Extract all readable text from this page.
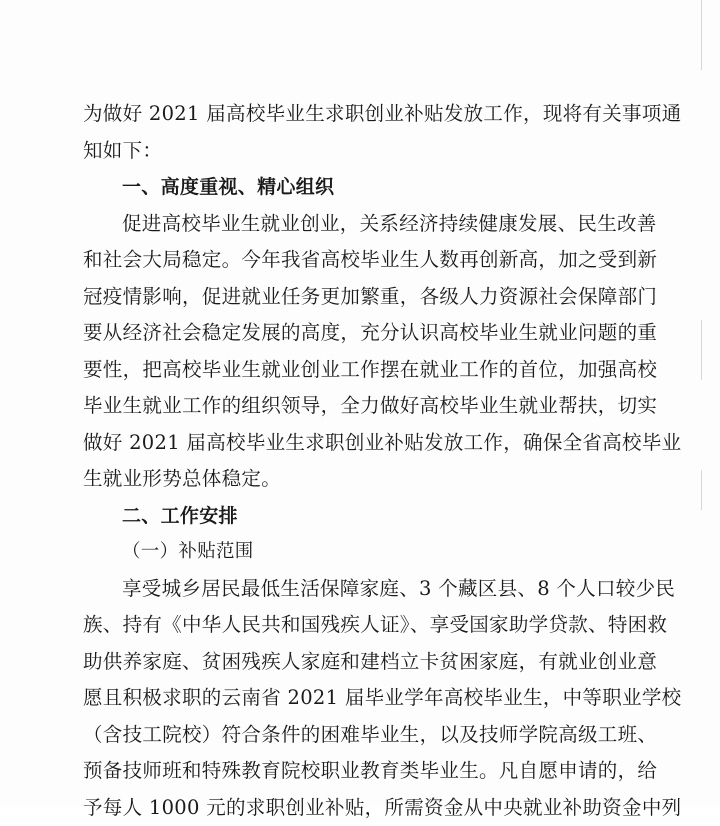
为做好 2021 届高校毕业生求职创业补贴发放工作，现将有关事项通
知如下：
一、高度重视、精心组织
促进高校毕业生就业创业，关系经济持续健康发展、民生改善
和社会大局稳定。今年我省高校毕业生人数再创新高，加之受到新
冠疫情影响，促进就业任务更加繁重，各级人力资源社会保障部门
要从经济社会稳定发展的高度，充分认识高校毕业生就业问题的重
要性，把高校毕业生就业创业工作摆在就业工作的首位，加强高校
毕业生就业工作的组织领导，全力做好高校毕业生就业帮扶，切实
做好 2021 届高校毕业生求职创业补贴发放工作，确保全省高校毕业
生就业形势总体稳定。
二、工作安排
（一）补贴范围
享受城乡居民最低生活保障家庭、3 个藏区县、8 个人口较少民
族、持有《中华人民共和国残疾人证》、享受国家助学贷款、特困救
助供养家庭、贫困残疾人家庭和建档立卡贫困家庭，有就业创业意
愿且积极求职的云南省 2021 届毕业学年高校毕业生，中等职业学校
（含技工院校）符合条件的困难毕业生，以及技师学院高级工班、
预备技师班和特殊教育院校职业教育类毕业生。凡自愿申请的，给
予每人 1000 元的求职创业补贴，所需资金从中央就业补助资金中列
